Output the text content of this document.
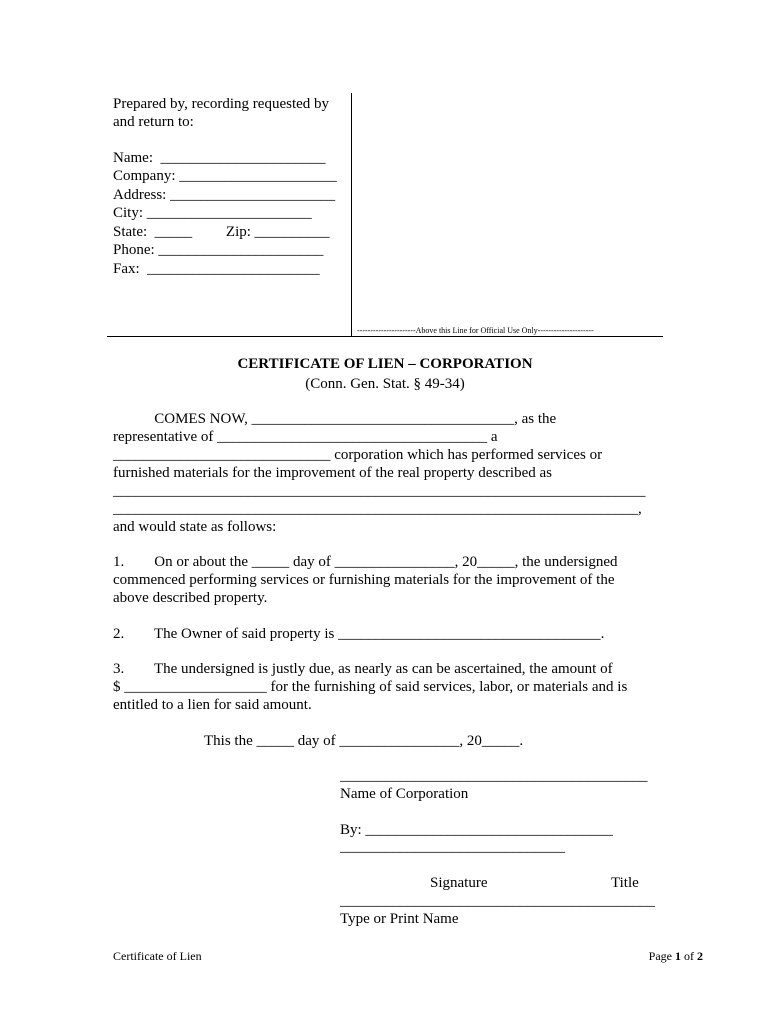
Prepared by, recording requested by
and return to:
Name:  ______________________
Company: _____________________
Address: ______________________
City: ______________________
State:  _____         Zip: __________
Phone: ______________________
Fax:  _______________________
----------------------Above this Line for Official Use Only---------------------
CERTIFICATE OF LIEN – CORPORATION
(Conn. Gen. Stat. § 49-34)
COMES NOW, ___________________________________, as the
representative of ____________________________________ a
_____________________________ corporation which has performed services or
furnished materials for the improvement of the real property described as
_______________________________________________________________________
______________________________________________________________________,
and would state as follows:
1.        On or about the _____ day of ________________, 20_____, the undersigned
commenced performing services or furnishing materials for the improvement of the
above described property.
2.        The Owner of said property is ___________________________________.
3.        The undersigned is justly due, as nearly as can be ascertained, the amount of
$ ___________________ for the furnishing of said services, labor, or materials and is
entitled to a lien for said amount.
This the _____ day of ________________, 20_____.
_________________________________________
Name of Corporation
By: _________________________________
______________________________
Signature	Title
__________________________________________
Type or Print Name
Certificate of Lien	Page 1 of 2
